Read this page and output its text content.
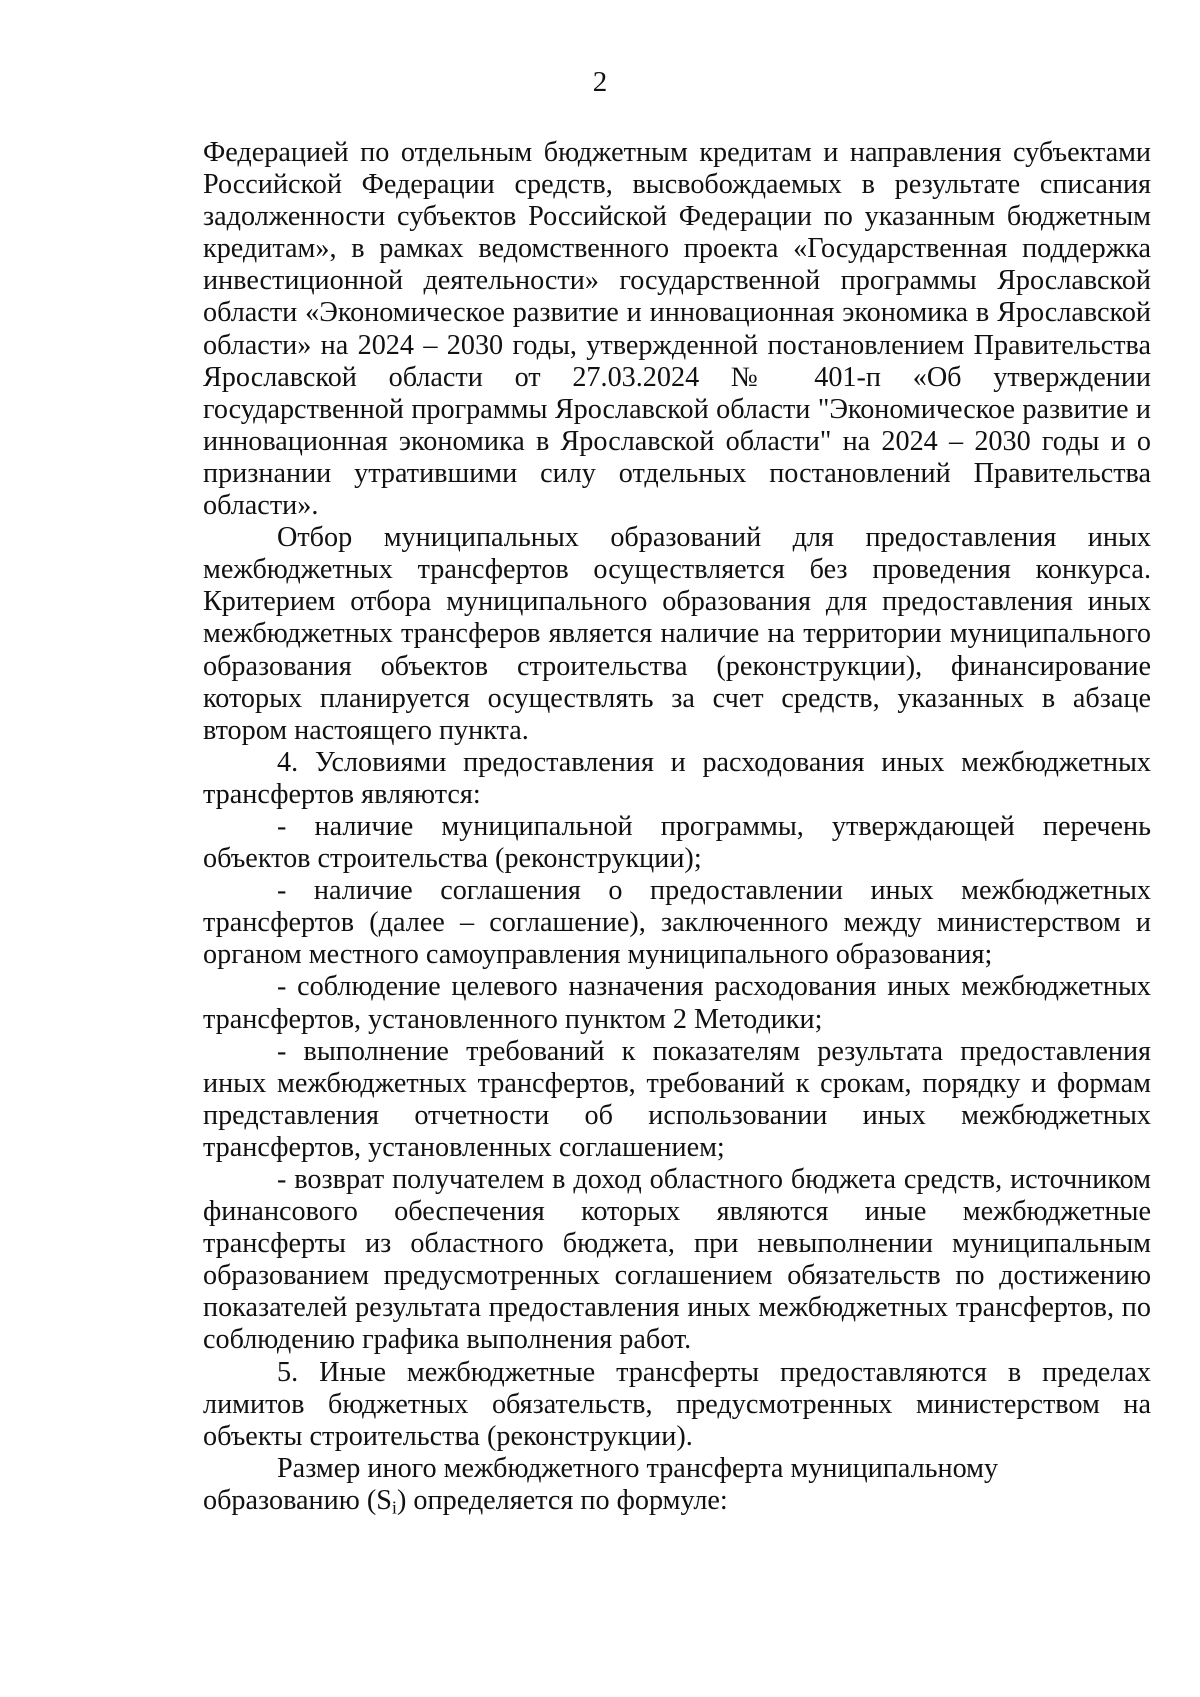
2

Федерацией по отдельным бюджетным кредитам и направления субъектами Российской Федерации средств, высвобождаемых в результате списания задолженности субъектов Российской Федерации по указанным бюджетным кредитам», в рамках ведомственного проекта «Государственная поддержка инвестиционной деятельности» государственной программы Ярославской области «Экономическое развитие и инновационная экономика в Ярославской области» на 2024 – 2030 годы, утвержденной постановлением Правительства Ярославской области от 27.03.2024 № 401-п «Об утверждении государственной программы Ярославской области "Экономическое развитие и инновационная экономика в Ярославской области" на 2024 – 2030 годы и о признании утратившими силу отдельных постановлений Правительства области».

Отбор муниципальных образований для предоставления иных межбюджетных трансфертов осуществляется без проведения конкурса. Критерием отбора муниципального образования для предоставления иных межбюджетных трансферов является наличие на территории муниципального образования объектов строительства (реконструкции), финансирование которых планируется осуществлять за счет средств, указанных в абзаце втором настоящего пункта.

4. Условиями предоставления и расходования иных межбюджетных трансфертов являются:

- наличие муниципальной программы, утверждающей перечень объектов строительства (реконструкции);

- наличие соглашения о предоставлении иных межбюджетных трансфертов (далее – соглашение), заключенного между министерством и органом местного самоуправления муниципального образования;

- соблюдение целевого назначения расходования иных межбюджетных трансфертов, установленного пунктом 2 Методики;

- выполнение требований к показателям результата предоставления иных межбюджетных трансфертов, требований к срокам, порядку и формам представления отчетности об использовании иных межбюджетных трансфертов, установленных соглашением;

- возврат получателем в доход областного бюджета средств, источником финансового обеспечения которых являются иные межбюджетные трансферты из областного бюджета, при невыполнении муниципальным образованием предусмотренных соглашением обязательств по достижению показателей результата предоставления иных межбюджетных трансфертов, по соблюдению графика выполнения работ.

5. Иные межбюджетные трансферты предоставляются в пределах лимитов бюджетных обязательств, предусмотренных министерством на объекты строительства (реконструкции).

Размер иного межбюджетного трансферта муниципальному

образованию $(S_i)$ определяется по формуле:
